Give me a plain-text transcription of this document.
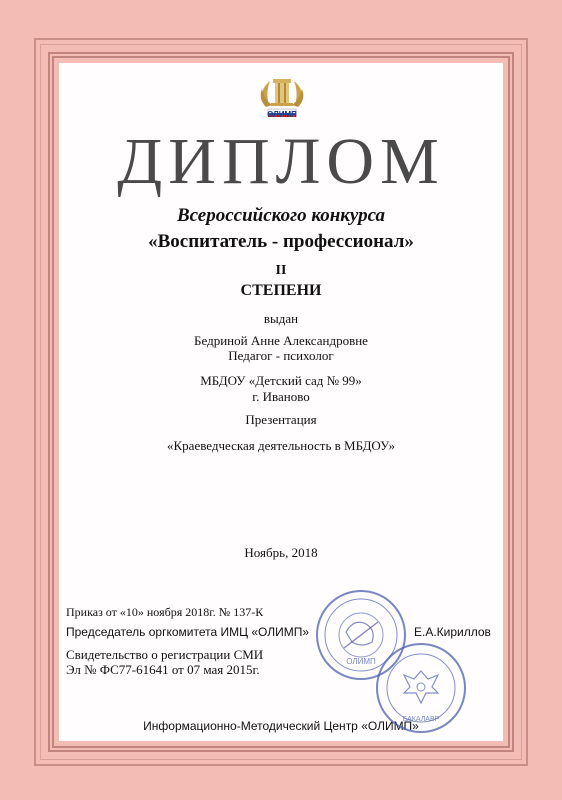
ОЛИМП
ДИПЛОМ
Всероссийского конкурса
«Воспитатель - профессионал»
II
СТЕПЕНИ
выдан
Бедриной Анне Александровне
Педагог - психолог
МБДОУ «Детский сад № 99»
г. Иваново
Презентация
«Краеведческая деятельность в МБДОУ»
Ноябрь, 2018
Приказ от «10» ноября 2018г. № 137-К
Председатель оргкомитета ИМЦ «ОЛИМП»	Е.А.Кириллов
Свидетельство о регистрации СМИ
Эл № ФС77-61641 от 07 мая 2015г.
Информационно-Методический Центр «ОЛИМП»
ОЛИМП
БАКАЛАВР
